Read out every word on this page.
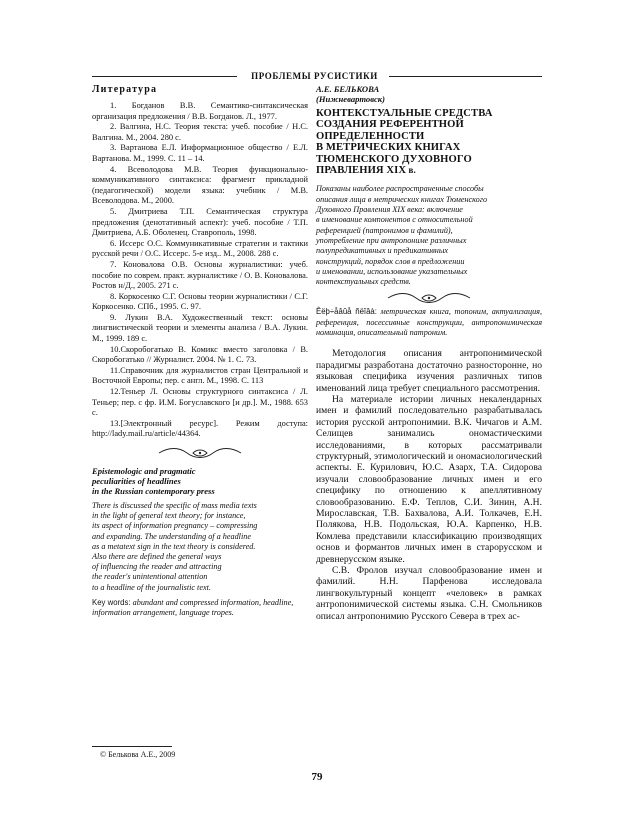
ПРОБЛЕМЫ РУСИСТИКИ
Литература
1. Богданов В.В. Семантико-синтаксическая организация предложения / В.В. Богданов. Л., 1977.
2. Валгина, Н.С. Теория текста: учеб. пособие / Н.С. Валгина. М., 2004. 280 с.
3. Вартанова Е.Л. Информационное общество / Е.Л. Вартанова. М., 1999. С. 11 – 14.
4. Всеволодова М.В. Теория функционально-коммуникативного синтаксиса: фрагмент прикладной (педагогической) модели языка: учебник / М.В. Всеволодова. М., 2000.
5. Дмитриева Т.П. Семантическая структура предложения (денотативный аспект): учеб. пособие / Т.П. Дмитриева, А.Б. Оболенец. Ставрополь, 1998.
6. Иссерс О.С. Коммуникативные стратегии и тактики русской речи / О.С. Иссерс. 5-е изд.. М., 2008. 288 с.
7. Коновалова О.В. Основы журналистики: учеб. пособие по соврем. практ. журналистике / О. В. Коновалова. Ростов н/Д., 2005. 271 с.
8. Коркосенко С.Г. Основы теории журналистики / С.Г. Коркосенко. СПб., 1995. С. 97.
9. Лукин В.А. Художественный текст: основы лингвистической теории и элементы анализа / В.А. Лукин. М., 1999. 189 с.
10.Скоробогатько В. Комикс вместо заголовка / В. Скоробогатько // Журналист. 2004. № 1. С. 73.
11.Справочник для журналистов стран Центральной и Восточной Европы; пер. с англ. М., 1998. С. 113
12.Теньер Л. Основы структурного синтаксиса / Л. Теньер; пер. с фр. И.М. Богуславского [и др.]. М., 1988. 653 с.
13.[Электронный ресурс]. Режим доступа: http://lady.mail.ru/article/44364.
Epistemologic and pragmatic
peculiarities of headlines
in the Russian contemporary press
There is discussed the specific of mass media texts
in the light of general text theory; for instance,
its aspect of information pregnancy – compressing
and expanding. The understanding of a headline
as a metatext sign in the text theory is considered.
Also there are defined the general ways
of influencing the reader and attracting
the reader's unintentional attention
to a headline of the journalistic text.

Key words: abundant and compressed information, headline, information arrangement, language tropes.

А.Е. БЕЛЬКОВА
(Нижневартовск)
КОНТЕКСТУАЛЬНЫЕ СРЕДСТВА
СОЗДАНИЯ РЕФЕРЕНТНОЙ
ОПРЕДЕЛЕННОСТИ
В МЕТРИЧЕСКИХ КНИГАХ
ТЮМЕНСКОГО ДУХОВНОГО
ПРАВЛЕНИЯ XIX в.
Показаны наиболее распространенные способы
описания лица в метрических книгах Тюменского
Духовного Правления XIX века: включение
в именование компонентов с относительной
референцией (патронимов и фамилий),
употребление при антропониме различных
полупредикативных и предикативных
конструкций, порядок слов в предложении
и именовании, использование указательных
контекстуальных средств.

Êëþ÷åâûå ñëîâà: метрическая книга, топоним, актуализация, референция, посессивные конструкции, антропонимическая номинация, описательный патроним.

Методология описания антропонимической парадигмы разработана достаточно разносторонне, но языковая специфика изучения различных типов именований лица требует специального рассмотрения.

На материале истории личных некалендарных имен и фамилий последовательно разрабатывалась история русской антропонимии. В.К. Чичагов и А.М. Селищев занимались ономастическими исследованиями, в которых рассматривали структурный, этимологический и ономасиологический аспекты. Е. Курилович, Ю.С. Азарх, Т.А. Сидорова изучали словообразование личных имен и его специфику по отношению к апеллятивному словообразованию. Е.Ф. Теплов, С.И. Зинин, А.Н. Мирославская, Т.В. Бахвалова, А.И. Толкачев, Е.Н. Полякова, Н.В. Подольская, Ю.А. Карпенко, Н.В. Комлева представили классификацию производящих основ и формантов личных имен в старорусском и древнерусском языке.

С.В. Фролов изучал словообразование имен и фамилий. Н.Н. Парфенова исследовала лингвокультурный концепт «человек» в рамках антропонимической системы языка. С.Н. Смольников описал антропонимию Русского Севера в трех ас-

© Белькова А.Е., 2009
79
